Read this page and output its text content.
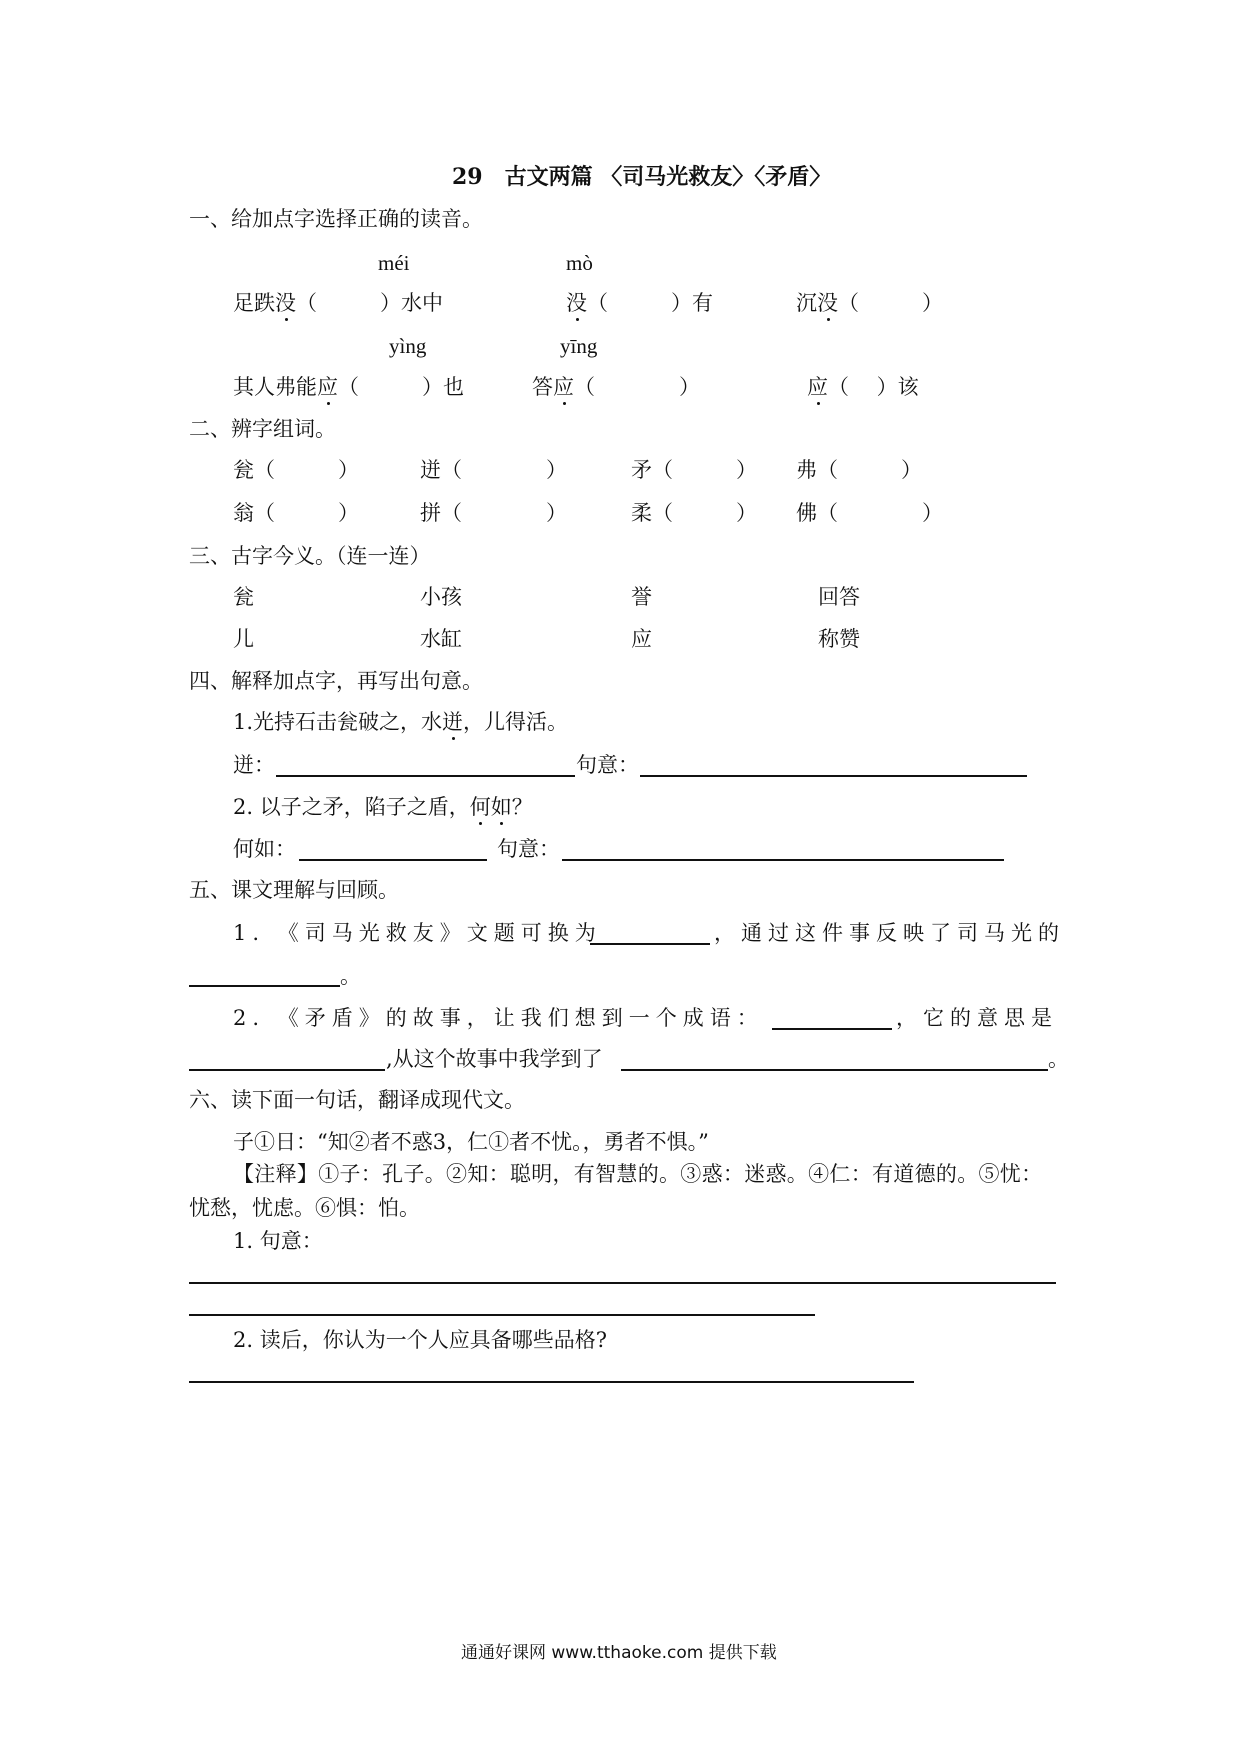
29　古文两篇 〈司马光救友〉〈矛盾〉
一、给加点字选择正确的读音。
méi	mò
足跌没（　　　）水中	没（　　　）有	沉没（　　　）
yìng	yīng
其人弗能应（　　　）也	答应（　　　　）	应（　 ）该
二、辨字组词。
瓮（　　　）	迸（　　　　）	矛（　　　） 弗（　　　）
翁（　　　）	拼（　　　　）	柔（　　　） 佛（　　　　）
三、古字今义。（连一连）
瓮	小孩	誉	回答
儿	水缸	应	称赞
四、解释加点字，再写出句意。
1.光持石击瓮破之，水迸，儿得活。
迸：	句意：
2. 以子之矛，陷子之盾，何如？
何如：	句意：
五、课文理解与回顾。
1. 《司马光救友》文题可换为	，通过这件事反映了司马光的
。
2. 《矛盾》的故事，让我们想到一个成语：	，它的意思是
,从这个故事中我学到了	。
六、读下面一句话，翻译成现代文。
子①日：“知②者不惑3，仁①者不忧。，勇者不惧。”
【注释】①子：孔子。②知：聪明，有智慧的。③惑：迷惑。④仁：有道德的。⑤忧：
忧愁，忧虑。⑥惧：怕。
1. 句意：
2. 读后，你认为一个人应具备哪些品格?
通通好课网 www.tthaoke.com 提供下载
